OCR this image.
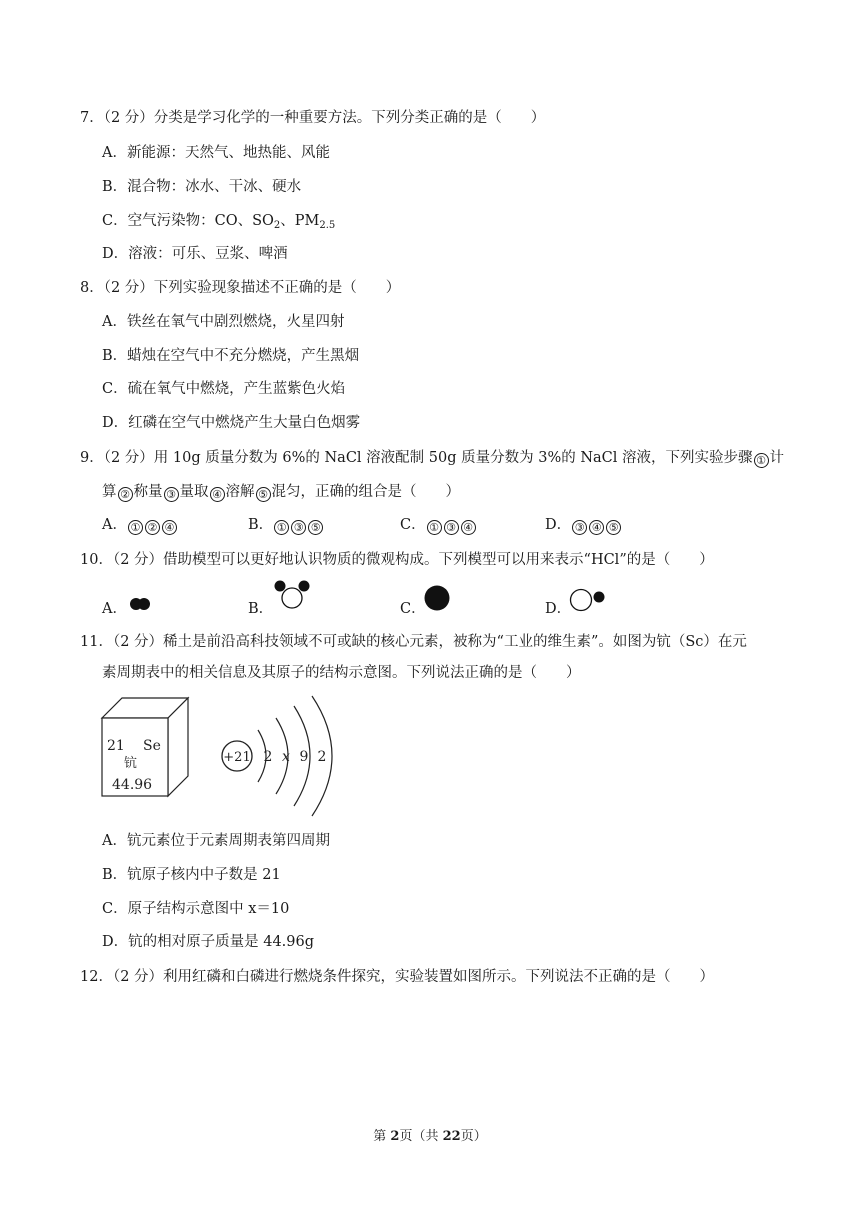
7．（2 分）分类是学习化学的一种重要方法。下列分类正确的是（　　）
A．新能源：天然气、地热能、风能
B．混合物：冰水、干冰、硬水
C．空气污染物：CO、$SO_2$、$PM_{2.5}$
D．溶液：可乐、豆浆、啤酒
8．（2 分）下列实验现象描述不正确的是（　　）
A．铁丝在氧气中剧烈燃烧，火星四射
B．蜡烛在空气中不充分燃烧，产生黑烟
C．硫在氧气中燃烧，产生蓝紫色火焰
D．红磷在空气中燃烧产生大量白色烟雾
9．（2 分）用 10g 质量分数为 6%的 NaCl 溶液配制 50g 质量分数为 3%的 NaCl 溶液，下列实验步骤 ① 计
算 ② 称量 ③ 量取 ④ 溶解 ⑤ 混匀，正确的组合是（　　）
A． ① ② ④	B． ① ③ ⑤	C． ① ③ ④	D． ③ ④ ⑤
10．（2 分）借助模型可以更好地认识物质的微观构成。下列模型可以用来表示“HCl”的是（　　）
A．	B．	C．	D．
11．（2 分）稀土是前沿高科技领域不可或缺的核心元素，被称为“工业的维生素”。如图为钪（Sc）在元
素周期表中的相关信息及其原子的结构示意图。下列说法正确的是（　　）
21 Se
钪
44.96
+21 2 x 9 2
A．钪元素位于元素周期表第四周期
B．钪原子核内中子数是 21
C．原子结构示意图中 x＝10
D．钪的相对原子质量是 44.96g
12．（2 分）利用红磷和白磷进行燃烧条件探究，实验装置如图所示。下列说法不正确的是（　　）
第 2页（共 22页）
